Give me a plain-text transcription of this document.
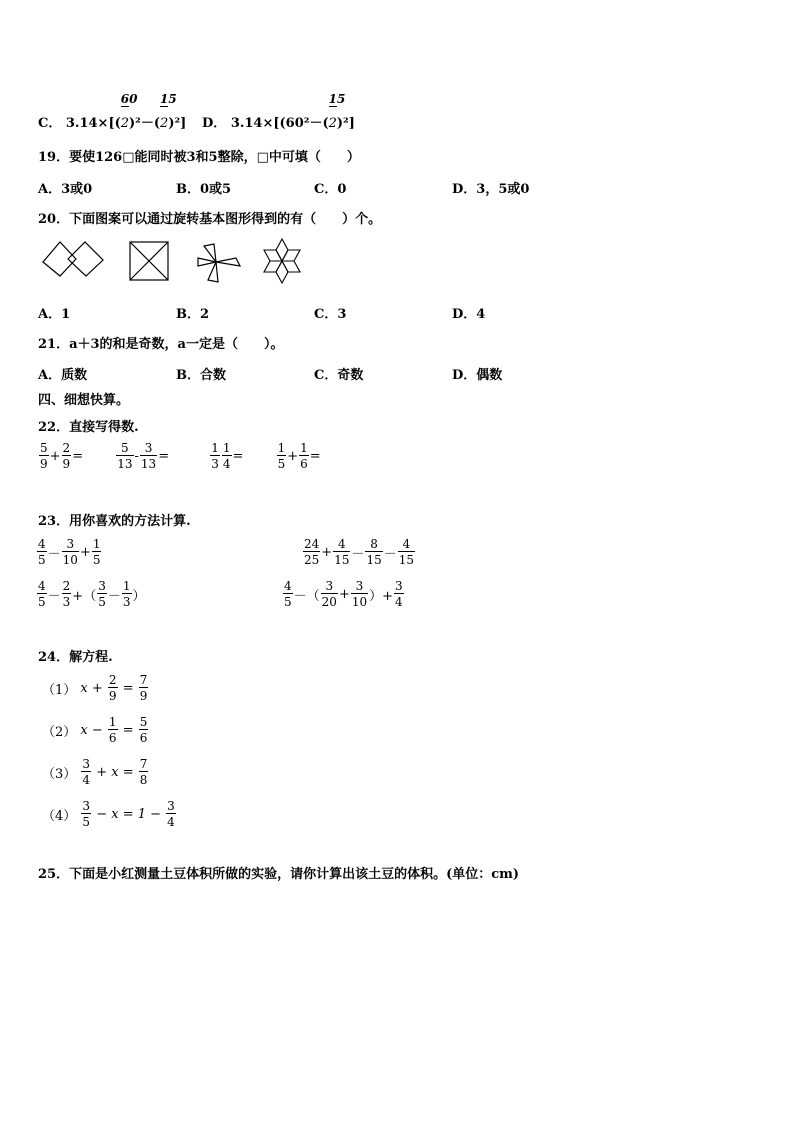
C． 3.14×[(
60
2)²－(
15
2)²] D． 3.14×[(60²－(
15
2)²]
19．要使126□能同时被3和5整除，□中可填（　　）
A．3或0	B．0或5	C．0	D．3，5或0
20．下面图案可以通过旋转基本图形得到的有（　　）个。
A．1	B．2	C．3	D．4
21．a＋3的和是奇数，a一定是（　　）。
A．质数	B．合数	C．奇数	D．偶数
四、细想快算。
22．直接写得数.
$\frac{5}{9} + \frac{2}{9}$ =	$\frac{5}{13} - \frac{3}{13}$ =	$\frac{1}{3} \frac{1}{4}$ =	$\frac{1}{5} + \frac{1}{6}$ =
23．用你喜欢的方法计算.
$\frac{4}{5} - \frac{3}{10} + \frac{1}{5}$	$\frac{24}{25} + \frac{4}{15} - \frac{8}{15} - \frac{4}{15}$
$\frac{4}{5} - \frac{2}{3}$ +（ $\frac{3}{5} - \frac{1}{3}$ ）	$\frac{4}{5}$ －（ $\frac{3}{20} + \frac{3}{10}$ ）+ $\frac{3}{4}$
24．解方程.
（1） $x + \frac{2}{9} = \frac{7}{9}$
（2） $x - \frac{1}{6} = \frac{5}{6}$
$(3) \frac{3}{4} + x = \frac{7}{8}$
$(4) \frac{3}{5} - x = 1 - \frac{3}{4}$
25．下面是小红测量土豆体积所做的实验，请你计算出该土豆的体积。(单位：cm)
